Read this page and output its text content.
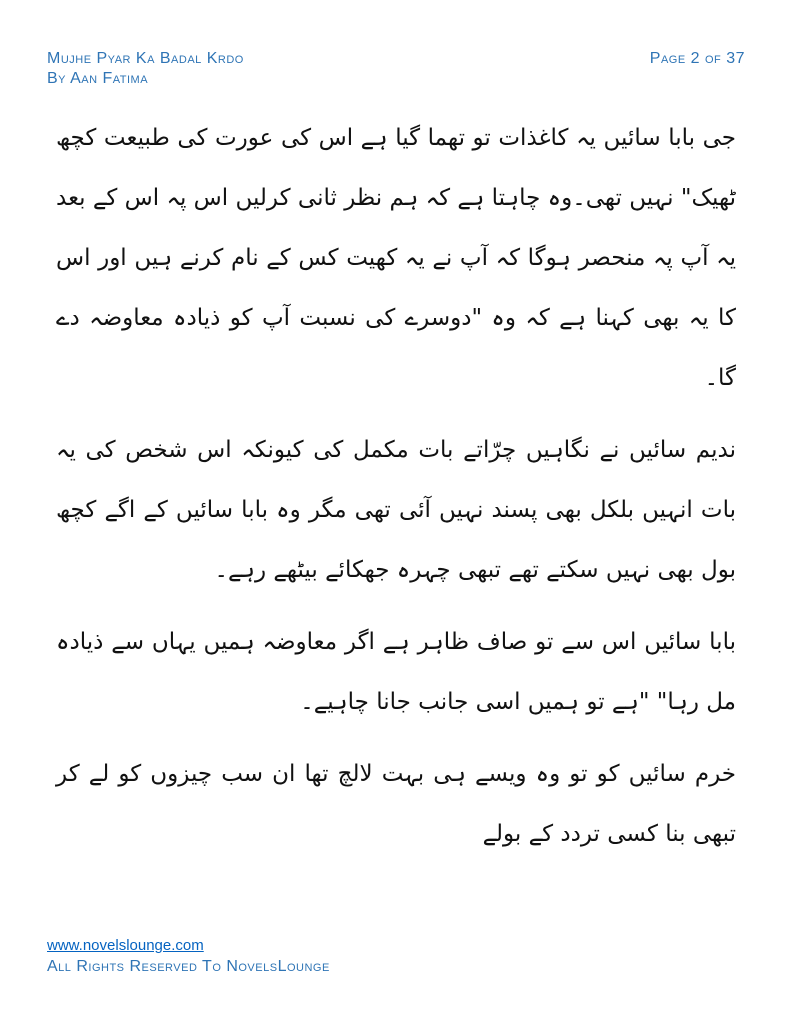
Mujhe Pyar Ka Badal Krdo
By Aan Fatima
Page 2 of 37

جی بابا سائیں یہ کاغذات تو تھما گیا ہے اس کی عورت کی طبیعت کچھ ٹھیک" نہیں تھی۔وہ چاہتا ہے کہ ہم نظر ثانی کرلیں اس پہ اس کے بعد یہ آپ پہ منحصر ہوگا کہ آپ نے یہ کھیت کس کے نام کرنے ہیں اور اس کا یہ بھی کہنا ہے کہ وہ "دوسرے کی نسبت آپ کو ذیادہ معاوضہ دے گا۔

ندیم سائیں نے نگاہیں چرّاتے بات مکمل کی کیونکہ اس شخص کی یہ بات انہیں بلکل بھی پسند نہیں آئی تھی مگر وہ بابا سائیں کے اگے کچھ بول بھی نہیں سکتے تھے تبھی چہرہ جھکائے بیٹھے رہے۔

بابا سائیں اس سے تو صاف ظاہر ہے اگر معاوضہ ہمیں یہاں سے ذیادہ مل رہا" "ہے تو ہمیں اسی جانب جانا چاہیے۔

خرم سائیں کو تو وہ ویسے ہی بہت لالچ تھا ان سب چیزوں کو لے کر تبھی بنا کسی تردد کے بولے

www.novelslounge.com
All Rights Reserved To NovelsLounge
